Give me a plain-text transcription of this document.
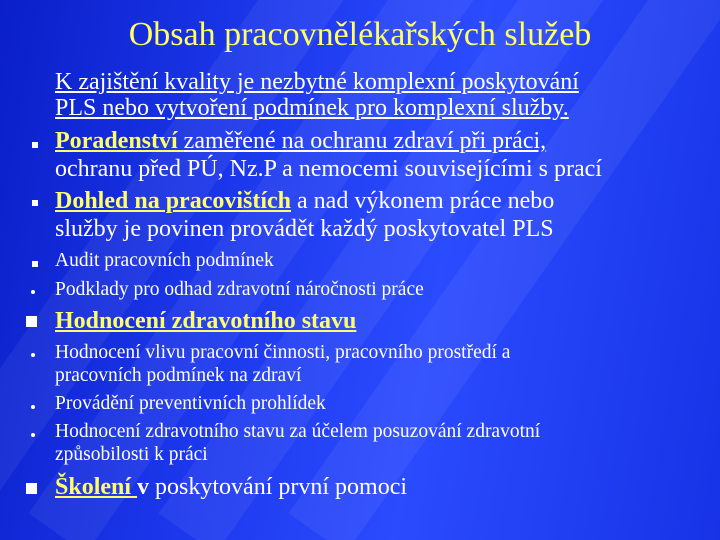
Obsah pracovnělékařských služeb
K zajištění kvality je nezbytné komplexní poskytování
PLS nebo vytvoření podmínek pro komplexní služby.
Poradenství zaměřené na ochranu zdraví při práci,
ochranu před PÚ, Nz.P a nemocemi souvisejícími s prací
Dohled na pracovištích a nad výkonem práce nebo
služby je povinen provádět každý poskytovatel PLS
Audit pracovních podmínek
Podklady pro odhad zdravotní náročnosti práce
Hodnocení zdravotního stavu
Hodnocení vlivu pracovní činnosti, pracovního prostředí a
pracovních podmínek na zdraví
Provádění preventivních prohlídek
Hodnocení zdravotního stavu za účelem posuzování zdravotní
způsobilosti k práci
Školení v poskytování první pomoci
